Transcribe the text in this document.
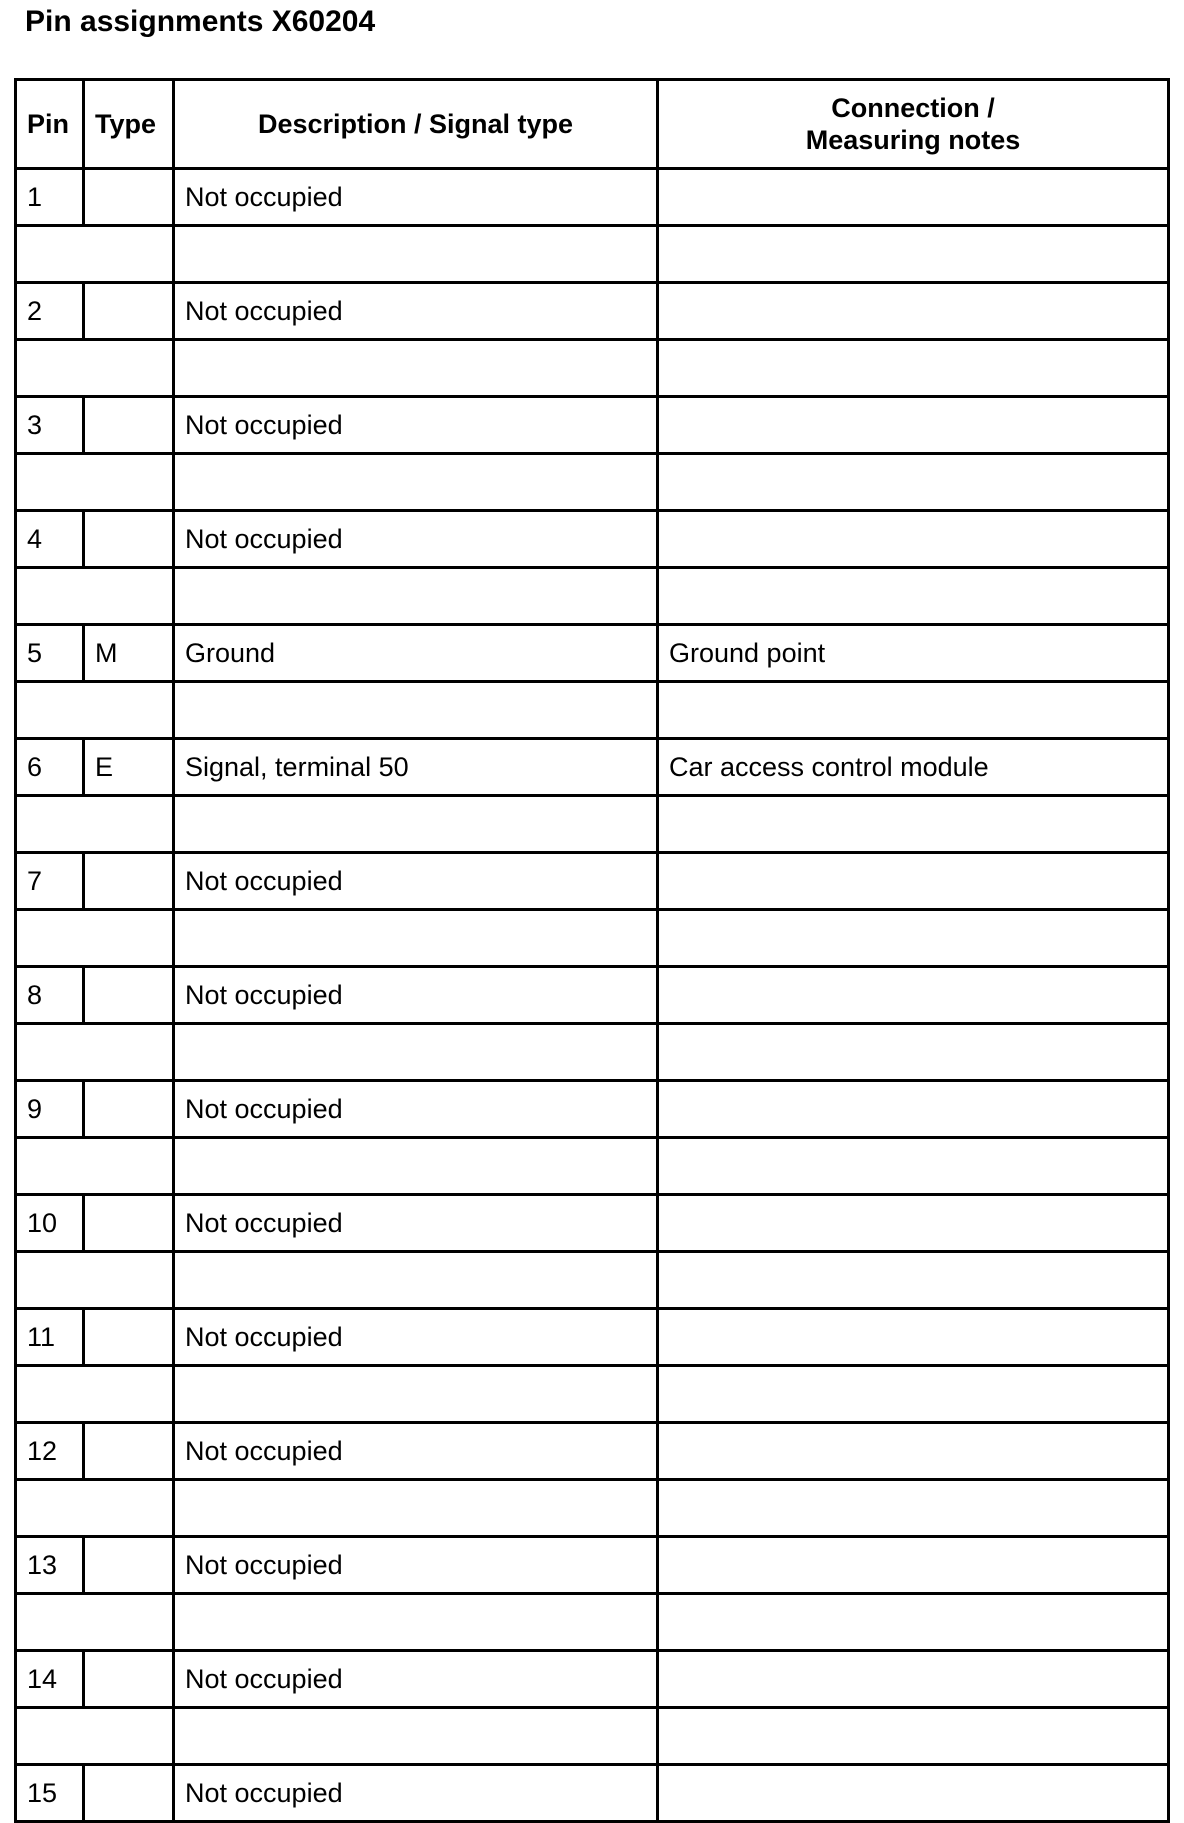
Pin assignments X60204
Pin	Type	Description / Signal type	Connection / Measuring notes
1		Not occupied	

2		Not occupied	

3		Not occupied	

4		Not occupied	

5	M	Ground	Ground point

6	E	Signal, terminal 50	Car access control module

7		Not occupied	

8		Not occupied	

9		Not occupied	

10		Not occupied	

11		Not occupied	

12		Not occupied	

13		Not occupied	

14		Not occupied	

15		Not occupied	
